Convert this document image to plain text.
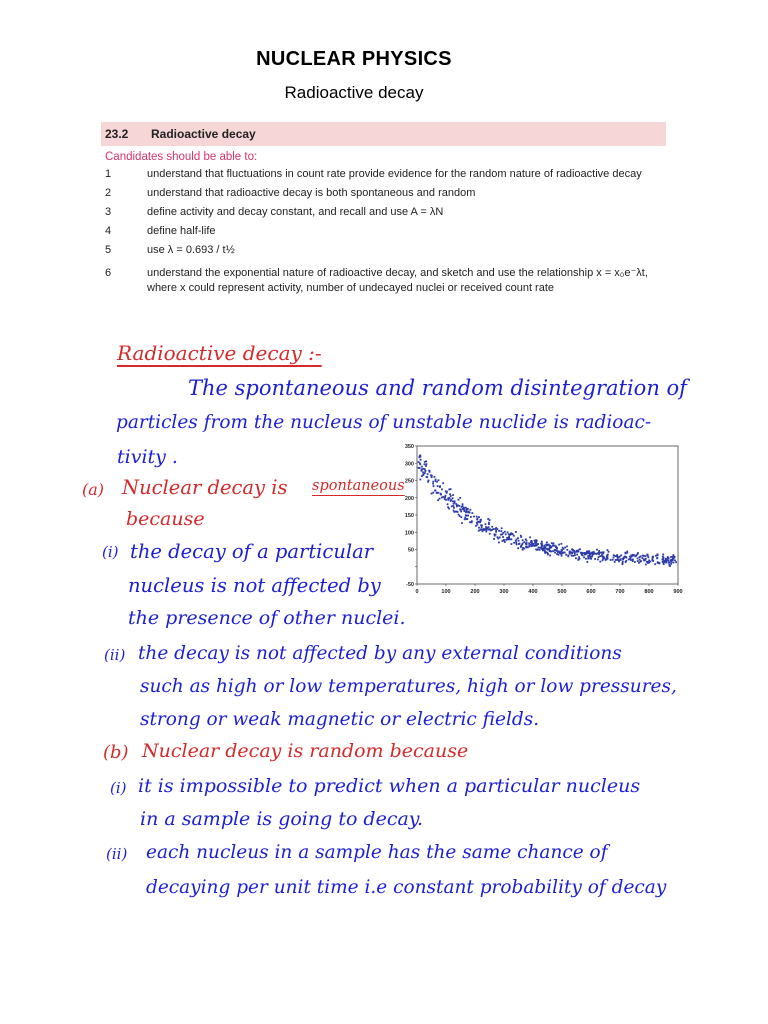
NUCLEAR PHYSICS
Radioactive decay
23.2	Radioactive decay
Candidates should be able to:
1	understand that fluctuations in count rate provide evidence for the random nature of radioactive decay
2	understand that radioactive decay is both spontaneous and random
3	define activity and decay constant, and recall and use A = λN
4	define half-life
5	use λ = 0.693 / t½
6	understand the exponential nature of radioactive decay, and sketch and use the relationship x = x₀e⁻λt,
where x could represent activity, number of undecayed nuclei or received count rate
Radioactive decay :-
The spontaneous and random disintegration of
particles from the nucleus of unstable nuclide is radioac-
tivity .
(a) Nuclear decay is spontaneous
because
(i) the decay of a particular
nucleus is not affected by
the presence of other nuclei.
(ii) the decay is not affected by any external conditions
such as high or low temperatures, high or low pressures,
strong or weak magnetic or electric fields.
(b) Nuclear decay is random because
(i) it is impossible to predict when a particular nucleus
in a sample is going to decay.
(ii) each nucleus in a sample has the same chance of
decaying per unit time i.e constant probability of decay
0	100	200	300	400	500	600	700	800	900
-50
50
100
150
200
250
300
350
